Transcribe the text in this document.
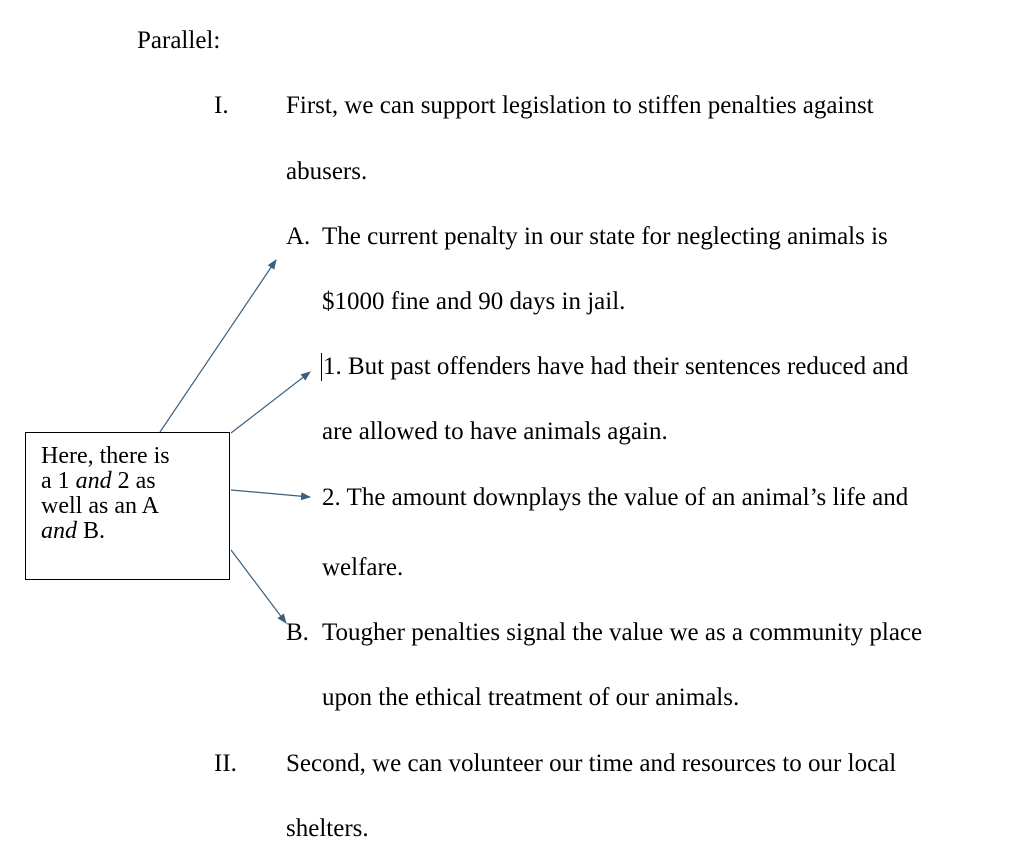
Parallel:
I. First, we can support legislation to stiffen penalties against
abusers.
A. The current penalty in our state for neglecting animals is
$1000 fine and 90 days in jail.
1. But past offenders have had their sentences reduced and
are allowed to have animals again.
2. The amount downplays the value of an animal’s life and
welfare.
B. Tougher penalties signal the value we as a community place
upon the ethical treatment of our animals.
II. Second, we can volunteer our time and resources to our local
shelters.
Here, there is
a 1 and 2 as
well as an A
and B.
